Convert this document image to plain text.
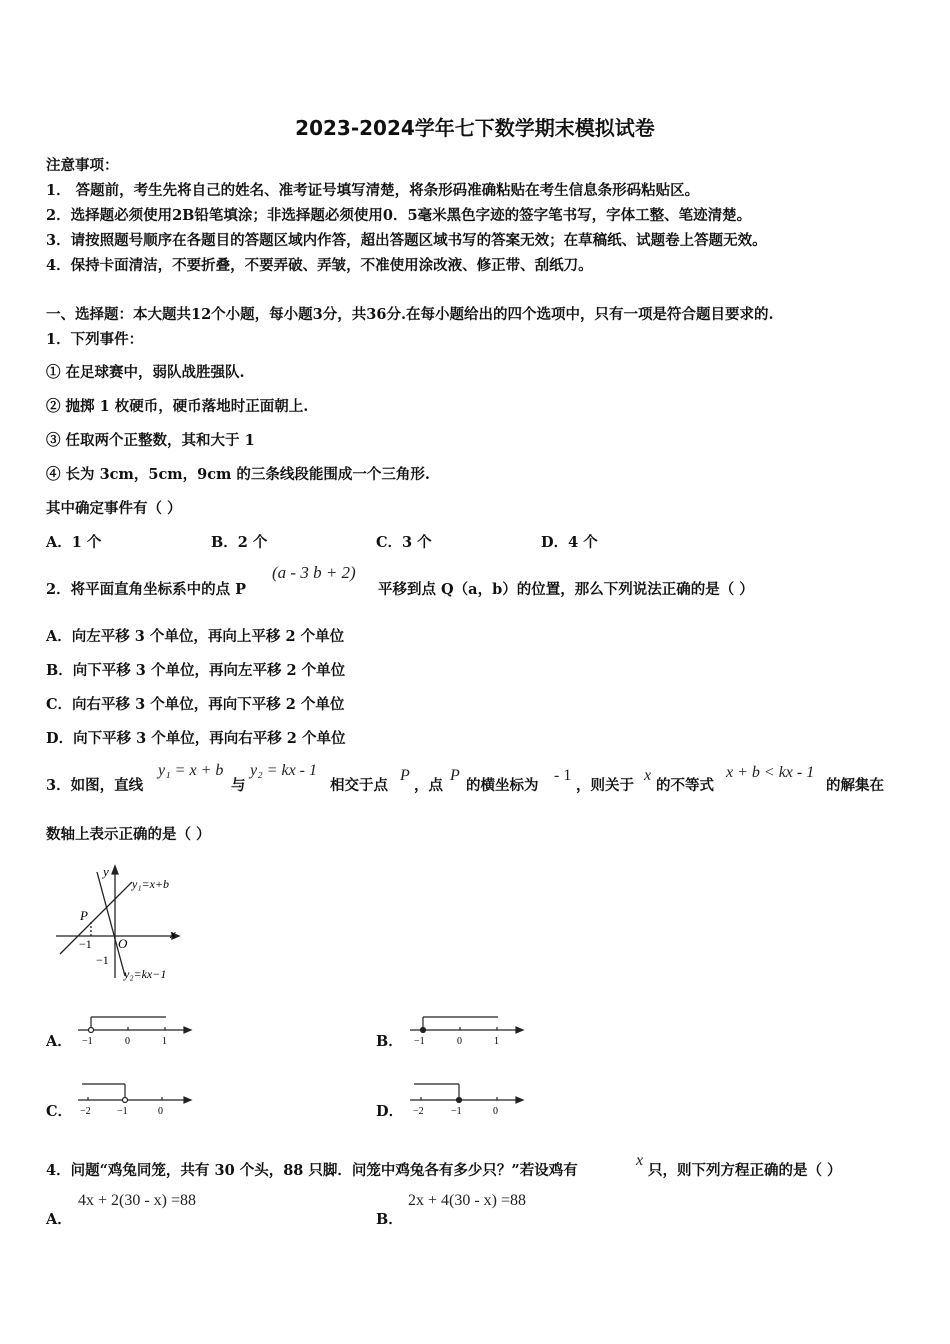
2023-2024学年七下数学期末模拟试卷
注意事项：
1． 答题前，考生先将自己的姓名、准考证号填写清楚，将条形码准确粘贴在考生信息条形码粘贴区。
2．选择题必须使用2B铅笔填涂；非选择题必须使用0．5毫米黑色字迹的签字笔书写，字体工整、笔迹清楚。
3．请按照题号顺序在各题目的答题区域内作答，超出答题区域书写的答案无效；在草稿纸、试题卷上答题无效。
4．保持卡面清洁，不要折叠，不要弄破、弄皱，不准使用涂改液、修正带、刮纸刀。
一、选择题：本大题共12个小题，每小题3分，共36分.在每小题给出的四个选项中，只有一项是符合题目要求的.
1．下列事件：
① 在足球赛中，弱队战胜强队.
② 抛掷 1 枚硬币，硬币落地时正面朝上.
③ 任取两个正整数，其和大于 1
④ 长为 3cm，5cm，9cm 的三条线段能围成一个三角形.
其中确定事件有（ ）
A．1 个	B．2 个	C．3 个	D．4 个
2．将平面直角坐标系中的点 P
(a - 3 b + 2)
平移到点 Q（a，b）的位置，那么下列说法正确的是（ ）
A．向左平移 3 个单位，再向上平移 2 个单位
B．向下平移 3 个单位，再向左平移 2 个单位
C．向右平移 3 个单位，再向下平移 2 个单位
D．向下平移 3 个单位，再向右平移 2 个单位
3．如图，直线
y₁ = x + b
与
y₂ = kx - 1
相交于点
P
，点
P
的横坐标为
- 1
，则关于
x
的不等式
x + b < kx - 1
的解集在
数轴上表示正确的是（ ）
y
x
O
P
−1
−1
y₁=x+b
y₂=kx−1
A． −1	0	1	B． −1	0	1
C． −2	−1	0	D． −2	−1	0
4．问题“鸡兔同笼，共有 30 个头，88 只脚．问笼中鸡兔各有多少只？”若设鸡有
x
只，则下列方程正确的是（ ）
A．
4x + 2(30 - x) =88
B．
2x + 4(30 - x) =88
